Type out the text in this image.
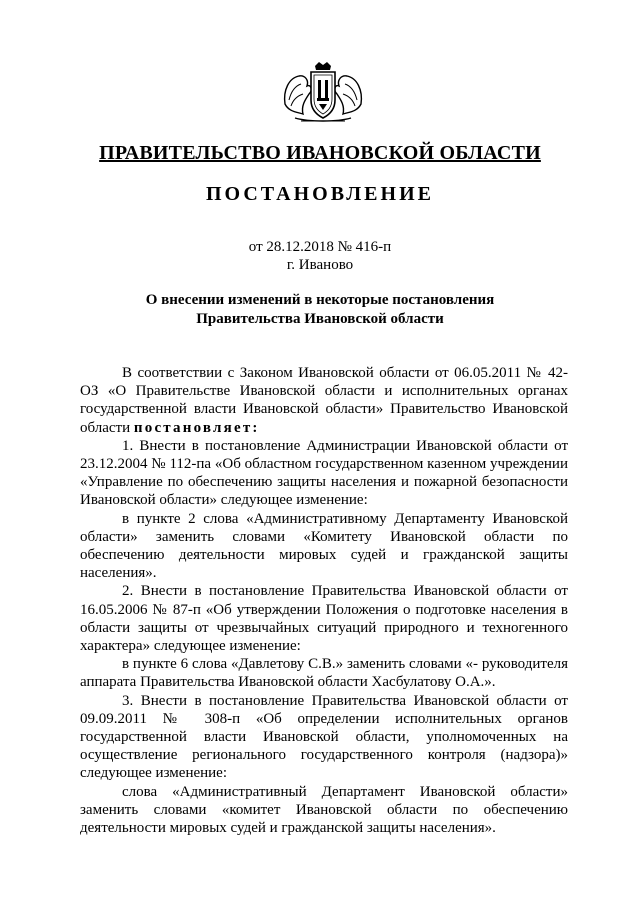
ПРАВИТЕЛЬСТВО ИВАНОВСКОЙ ОБЛАСТИ
ПОСТАНОВЛЕНИЕ
от 28.12.2018 № 416-п
г. Иваново
О внесении изменений в некоторые постановления
Правительства Ивановской области

В соответствии с Законом Ивановской области от 06.05.2011 № 42-ОЗ «О Правительстве Ивановской области и исполнительных органах государственной власти Ивановской области» Правительство Ивановской области постановляет:

1. Внести в постановление Администрации Ивановской области от 23.12.2004 № 112-па «Об областном государственном казенном учреждении «Управление по обеспечению защиты населения и пожарной безопасности Ивановской области» следующее изменение:

в пункте 2 слова «Административному Департаменту Ивановской области» заменить словами «Комитету Ивановской области по обеспечению деятельности мировых судей и гражданской защиты населения».

2. Внести в постановление Правительства Ивановской области от 16.05.2006 № 87-п «Об утверждении Положения о подготовке населения в области защиты от чрезвычайных ситуаций природного и техногенного характера» следующее изменение:

в пункте 6 слова «Давлетову С.В.» заменить словами «- руководителя аппарата Правительства Ивановской области Хасбулатову О.А.».

3. Внести в постановление Правительства Ивановской области от 09.09.2011 № 308-п «Об определении исполнительных органов государственной власти Ивановской области, уполномоченных на осуществление регионального государственного контроля (надзора)» следующее изменение:

слова «Административный Департамент Ивановской области» заменить словами «комитет Ивановской области по обеспечению деятельности мировых судей и гражданской защиты населения».
